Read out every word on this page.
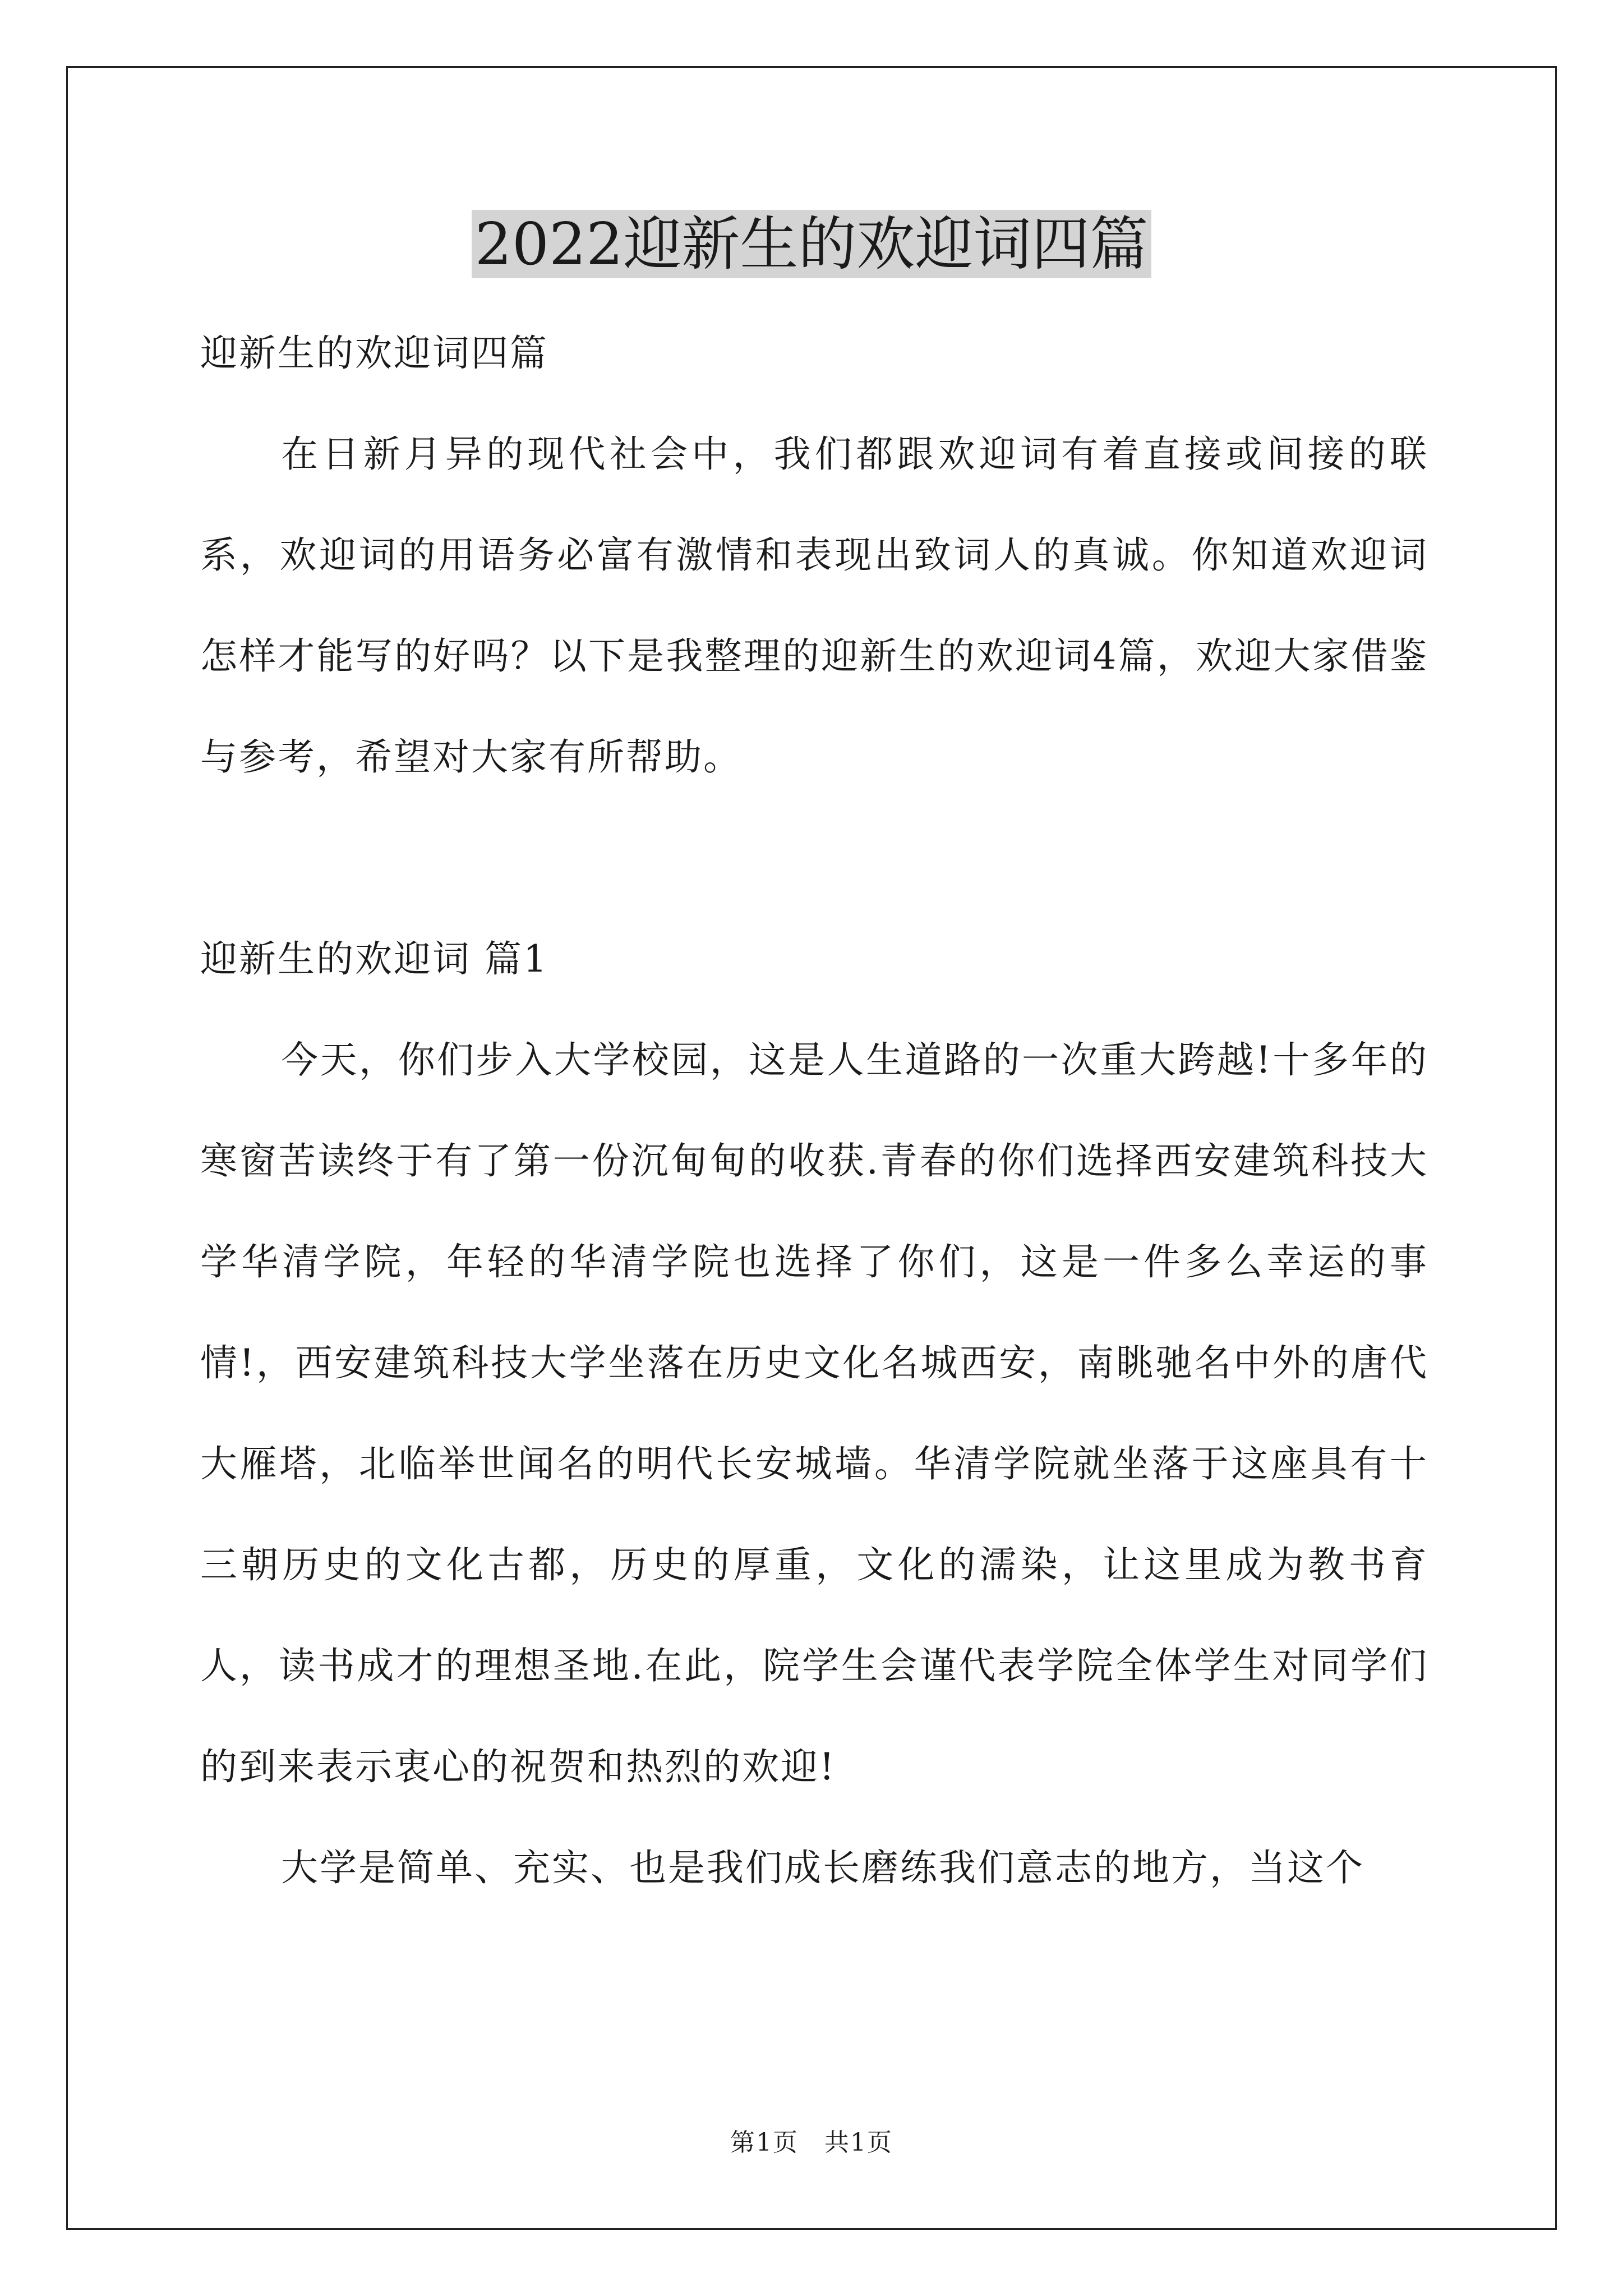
2022迎新生的欢迎词四篇

迎新生的欢迎词四篇

在日新月异的现代社会中，我们都跟欢迎词有着直接或间接的联系，欢迎词的用语务必富有激情和表现出致词人的真诚。你知道欢迎词怎样才能写的好吗？以下是我整理的迎新生的欢迎词4篇，欢迎大家借鉴与参考，希望对大家有所帮助。

迎新生的欢迎词 篇1

今天，你们步入大学校园，这是人生道路的一次重大跨越!十多年的寒窗苦读终于有了第一份沉甸甸的收获.青春的你们选择西安建筑科技大学华清学院，年轻的华清学院也选择了你们，这是一件多么幸运的事情!，西安建筑科技大学坐落在历史文化名城西安，南眺驰名中外的唐代大雁塔，北临举世闻名的明代长安城墙。华清学院就坐落于这座具有十三朝历史的文化古都，历史的厚重，文化的濡染，让这里成为教书育人，读书成才的理想圣地.在此，院学生会谨代表学院全体学生对同学们的到来表示衷心的祝贺和热烈的欢迎!

大学是简单、充实、也是我们成长磨练我们意志的地方，当这个

第1页　共1页
